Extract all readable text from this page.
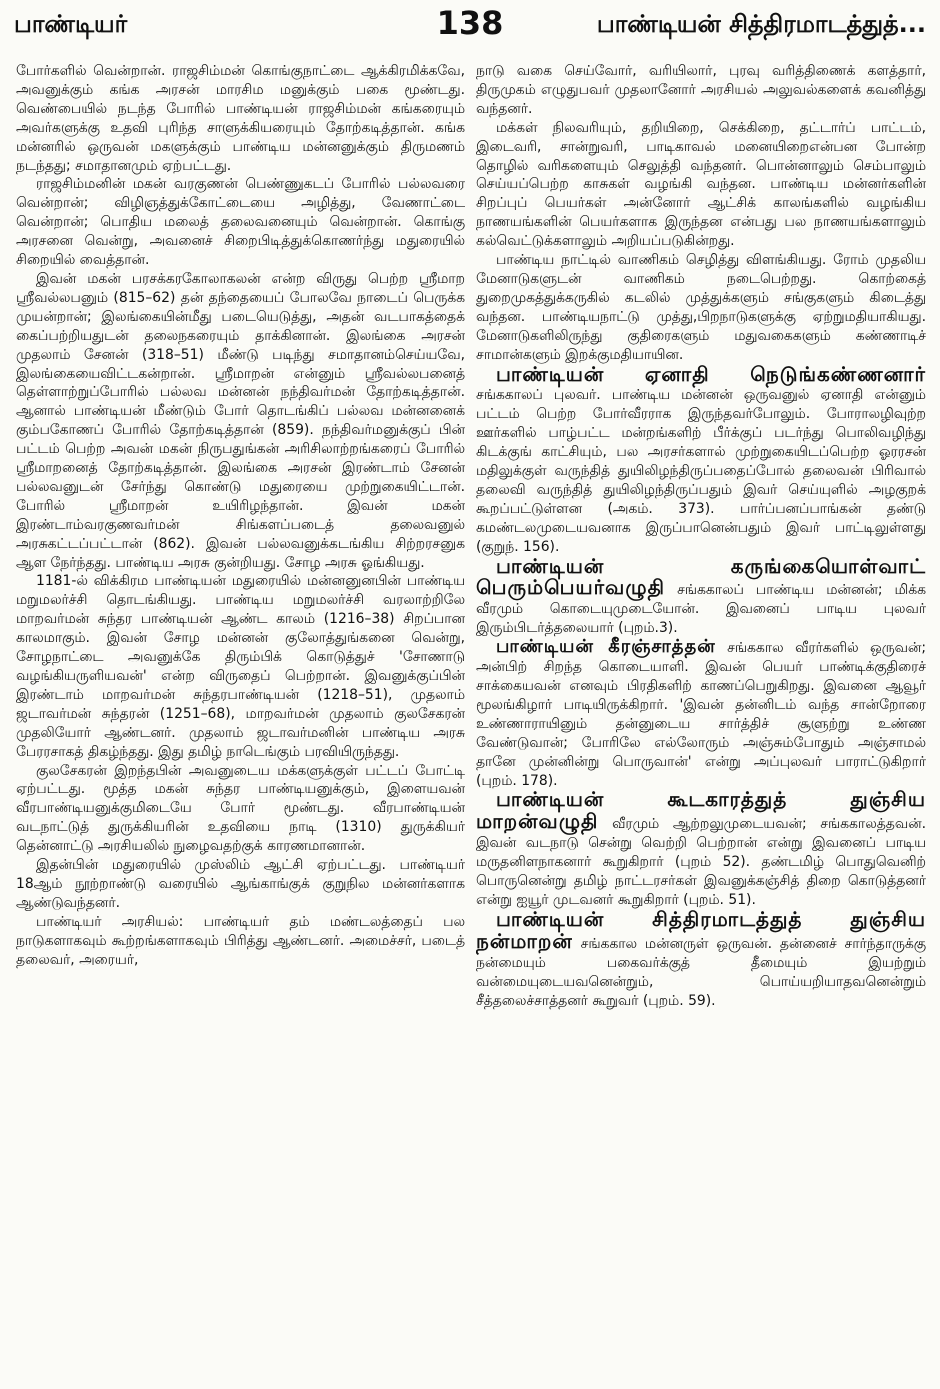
பாண்டியர்	138	பாண்டியன் சித்திரமாடத்துத்...

போர்களில் வென்றான். ராஜசிம்மன் கொங்குநாட்டை ஆக்கிரமிக்கவே, அவனுக்கும் கங்க அரசன் மாரசிம மனுக்கும் பகை மூண்டது. வெண்பையில் நடந்த போரில் பாண்டியன் ராஜசிம்மன் கங்கரையும் அவர்களுக்கு உதவி புரிந்த சாளுக்கியரையும் தோற்கடித்தான். கங்க மன்னரில் ஒருவன் மகளுக்கும் பாண்டிய மன்னனுக்கும் திருமணம் நடந்தது; சமாதானமும் ஏற்பட்டது.

ராஜசிம்மனின் மகன் வரகுணன் பெண்ணுகடப் போரில் பல்லவரை வென்றான்; விழிஞத்துக்கோட்டையை அழித்து, வேணாட்டை வென்றான்; பொதிய மலைத் தலைவனையும் வென்றான். கொங்கு அரசனை வென்று, அவனைச் சிறைபிடித்துக்கொணர்ந்து மதுரையில் சிறையில் வைத்தான்.

இவன் மகன் பரசக்கரகோலாகலன் என்ற விருது பெற்ற ஸ்ரீமாற ஸ்ரீவல்லபனும் (815–62) தன் தந்தையைப் போலவே நாடைப் பெருக்க முயன்றான்; இலங்கையின்மீது படையெடுத்து, அதன் வடபாகத்தைக் கைப்பற்றியதுடன் தலைநகரையும் தாக்கினான். இலங்கை அரசன் முதலாம் சேனன் (318–51) மீண்டு படிந்து சமாதானம்செய்யவே, இலங்கையைவிட்டகன்றான். ஸ்ரீமாறன் என்னும் ஸ்ரீவல்லபனைத் தெள்ளாற்றுப்போரில் பல்லவ மன்னன் நந்திவர்மன் தோற்கடித்தான். ஆனால் பாண்டியன் மீண்டும் போர் தொடங்கிப் பல்லவ மன்னனைக் கும்பகோணப் போரில் தோற்கடித்தான் (859). நந்திவர்மனுக்குப் பின் பட்டம் பெற்ற அவன் மகன் நிருபதுங்கன் அரிசிலாற்றங்கரைப் போரில் ஸ்ரீமாறனைத் தோற்கடித்தான். இலங்கை அரசன் இரண்டாம் சேனன் பல்லவனுடன் சேர்ந்து கொண்டு மதுரையை முற்றுகையிட்டான். போரில் ஸ்ரீமாறன் உயிரிழந்தான். இவன் மகன் இரண்டாம்வரகுணவர்மன் சிங்களப்படைத் தலைவனுல் அரசுகட்டப்பட்டான் (862). இவன் பல்லவனுக்கடங்கிய சிற்றரசனுக ஆள நேர்ந்தது. பாண்டிய அரசு குன்றியது. சோழ அரசு ஓங்கியது.

1181-ல் விக்கிரம பாண்டியன் மதுரையில் மன்னனுனபின் பாண்டிய மறுமலர்ச்சி தொடங்கியது. பாண்டிய மறுமலர்ச்சி வரலாற்றிலே மாறவர்மன் சுந்தர பாண்டியன் ஆண்ட காலம் (1216–38) சிறப்பான காலமாகும். இவன் சோழ மன்னன் குலோத்துங்கனை வென்று, சோழநாட்டை அவனுக்கே திரும்பிக் கொடுத்துச் 'சோணாடு வழங்கியருளியவன்' என்ற விருதைப் பெற்றான். இவனுக்குப்பின் இரண்டாம் மாறவர்மன் சுந்தரபாண்டியன் (1218–51), முதலாம் ஜடாவர்மன் சுந்தரன் (1251–68), மாறவர்மன் முதலாம் குலசேகரன் முதலியோர் ஆண்டனர். முதலாம் ஜடாவர்மனின் பாண்டிய அரசு பேரரசாகத் திகழ்ந்தது. இது தமிழ் நாடெங்கும் பரவியிருந்தது.

குலசேகரன் இறந்தபின் அவனுடைய மக்களுக்குள் பட்டப் போட்டி ஏற்பட்டது. மூத்த மகன் சுந்தர பாண்டியனுக்கும், இளையவன் வீரபாண்டியனுக்குமிடையே போர் மூண்டது. வீரபாண்டியன் வடநாட்டுத் துருக்கியரின் உதவியை நாடி (1310) துருக்கியர் தென்னாட்டு அரசியலில் நுழைவதற்குக் காரணமானான்.

இதன்பின் மதுரையில் முஸ்லிம் ஆட்சி ஏற்பட்டது. பாண்டியர் 18ஆம் நூற்றாண்டு வரையில் ஆங்காங்குக் குறுநில மன்னர்களாக ஆண்டுவந்தனர்.

பாண்டியர் அரசியல்: பாண்டியர் தம் மண்டலத்தைப் பல நாடுகளாகவும் கூற்றங்களாகவும் பிரித்து ஆண்டனர். அமைச்சர், படைத் தலைவர், அரையர்,

நாடு வகை செய்வோர், வரியிலார், புரவு வரித்திணைக் களத்தார், திருமுகம் எழுதுபவர் முதலானோர் அரசியல் அலுவல்களைக் கவனித்து வந்தனர்.

மக்கள் நிலவரியும், தறியிறை, செக்கிறை, தட்டார்ப் பாட்டம், இடைவரி, சான்றுவரி, பாடிகாவல் மனையிறைஎன்பன போன்ற தொழில் வரிகளையும் செலுத்தி வந்தனர். பொன்னாலும் செம்பாலும் செய்யப்பெற்ற காசுகள் வழங்கி வந்தன. பாண்டிய மன்னர்களின் சிறப்புப் பெயர்கள் அன்னோர் ஆட்சிக் காலங்களில் வழங்கிய நாணயங்களின் பெயர்களாக இருந்தன என்பது பல நாணயங்களாலும் கல்வெட்டுக்களாலும் அறியப்படுகின்றது.

பாண்டிய நாட்டில் வாணிகம் செழித்து விளங்கியது. ரோம் முதலிய மேனாடுகளுடன் வாணிகம் நடைபெற்றது. கொற்கைத் துறைமுகத்துக்கருகில் கடலில் முத்துக்களும் சங்குகளும் கிடைத்து வந்தன. பாண்டியநாட்டு முத்து,பிறநாடுகளுக்கு ஏற்றுமதியாகியது. மேனாடுகளிலிருந்து குதிரைகளும் மதுவகைகளும் கண்ணாடிச் சாமான்களும் இறக்குமதியாயின.

பாண்டியன் ஏனாதி நெடுங்கண்ணனார் சங்ககாலப் புலவர். பாண்டிய மன்னன் ஒருவனுல் ஏனாதி என்னும் பட்டம் பெற்ற போர்வீரராக இருந்தவர்போலும். போராலழிவுற்ற ஊர்களில் பாழ்பட்ட மன்றங்களிற் பீர்க்குப் படர்ந்து பொலிவழிந்து கிடக்குங் காட்சியும், பல அரசர்களால் முற்றுகையிடப்பெற்ற ஓரரசன் மதிலுக்குள் வருந்தித் துயிலிழந்திருப்பதைப்போல் தலைவன் பிரிவால் தலைவி வருந்தித் துயிலிழந்திருப்பதும் இவர் செய்யுளில் அழகுறக் கூறப்பட்டுள்ளன (அகம். 373). பார்ப்பனப்பாங்கன் தண்டு கமண்டலமுடையவனாக இருப்பானென்பதும் இவர் பாட்டிலுள்ளது (குறுந். 156).

பாண்டியன் கருங்கையொள்வாட் பெரும்பெயர்வழுதி சங்ககாலப் பாண்டிய மன்னன்; மிக்க வீரமும் கொடையுமுடையோன். இவனைப் பாடிய புலவர் இரும்பிடர்த்தலையார் (புறம்.3).

பாண்டியன் கீரஞ்சாத்தன் சங்ககால வீரர்களில் ஒருவன்; அன்பிற் சிறந்த கொடையாளி. இவன் பெயர் பாண்டிக்குதிரைச் சாக்கையவன் எனவும் பிரதிகளிற் காணப்பெறுகிறது. இவனை ஆவூர் மூலங்கிழார் பாடியிருக்கிறார். 'இவன் தன்னிடம் வந்த சான்றோரை உண்ணாராயினும் தன்னுடைய சார்த்திச் சூளுற்று உண்ண வேண்டுவான்; போரிலே எல்லோரும் அஞ்சும்போதும் அஞ்சாமல் தானே முன்னின்று பொருவான்' என்று அப்புலவர் பாராட்டுகிறார் (புறம். 178).

பாண்டியன் கூடகாரத்துத் துஞ்சிய மாறன்வழுதி வீரமும் ஆற்றலுமுடையவன்; சங்ககாலத்தவன். இவன் வடநாடு சென்று வெற்றி பெற்றான் என்று இவனைப் பாடிய மருதனிளநாகனார் கூறுகிறார் (புறம் 52). தண்டமிழ் பொதுவெனிற் பொருனென்று தமிழ் நாட்டரசர்கள் இவனுக்கஞ்சித் திறை கொடுத்தனர் என்று ஐயூர் முடவனர் கூறுகிறார் (புறம். 51).

பாண்டியன் சித்திரமாடத்துத் துஞ்சிய நன்மாறன் சங்ககால மன்னருள் ஒருவன். தன்னைச் சார்ந்தாருக்கு நன்மையும் பகைவர்க்குத் தீமையும் இயற்றும் வன்மையுடையவனென்றும், பொய்யறியாதவனென்றும் சீத்தலைச்சாத்தனர் கூறுவர் (புறம். 59).
